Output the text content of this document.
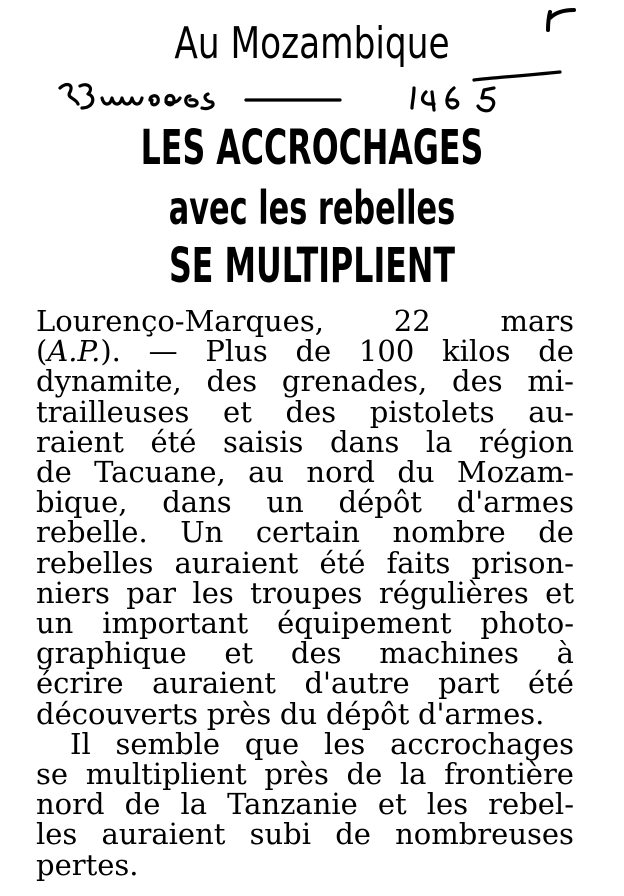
Au Mozambique
LES ACCROCHAGES
avec les rebelles
SE MULTIPLIENT
Lourenço-Marques, 22 mars
(A.P.). — Plus de 100 kilos de
dynamite, des grenades, des mi-
trailleuses et des pistolets au-
raient été saisis dans la région
de Tacuane, au nord du Mozam-
bique, dans un dépôt d'armes
rebelle. Un certain nombre de
rebelles auraient été faits prison-
niers par les troupes régulières et
un important équipement photo-
graphique et des machines à
écrire auraient d'autre part été
découverts près du dépôt d'armes.
Il semble que les accrochages
se multiplient près de la frontière
nord de la Tanzanie et les rebel-
les auraient subi de nombreuses
pertes.
